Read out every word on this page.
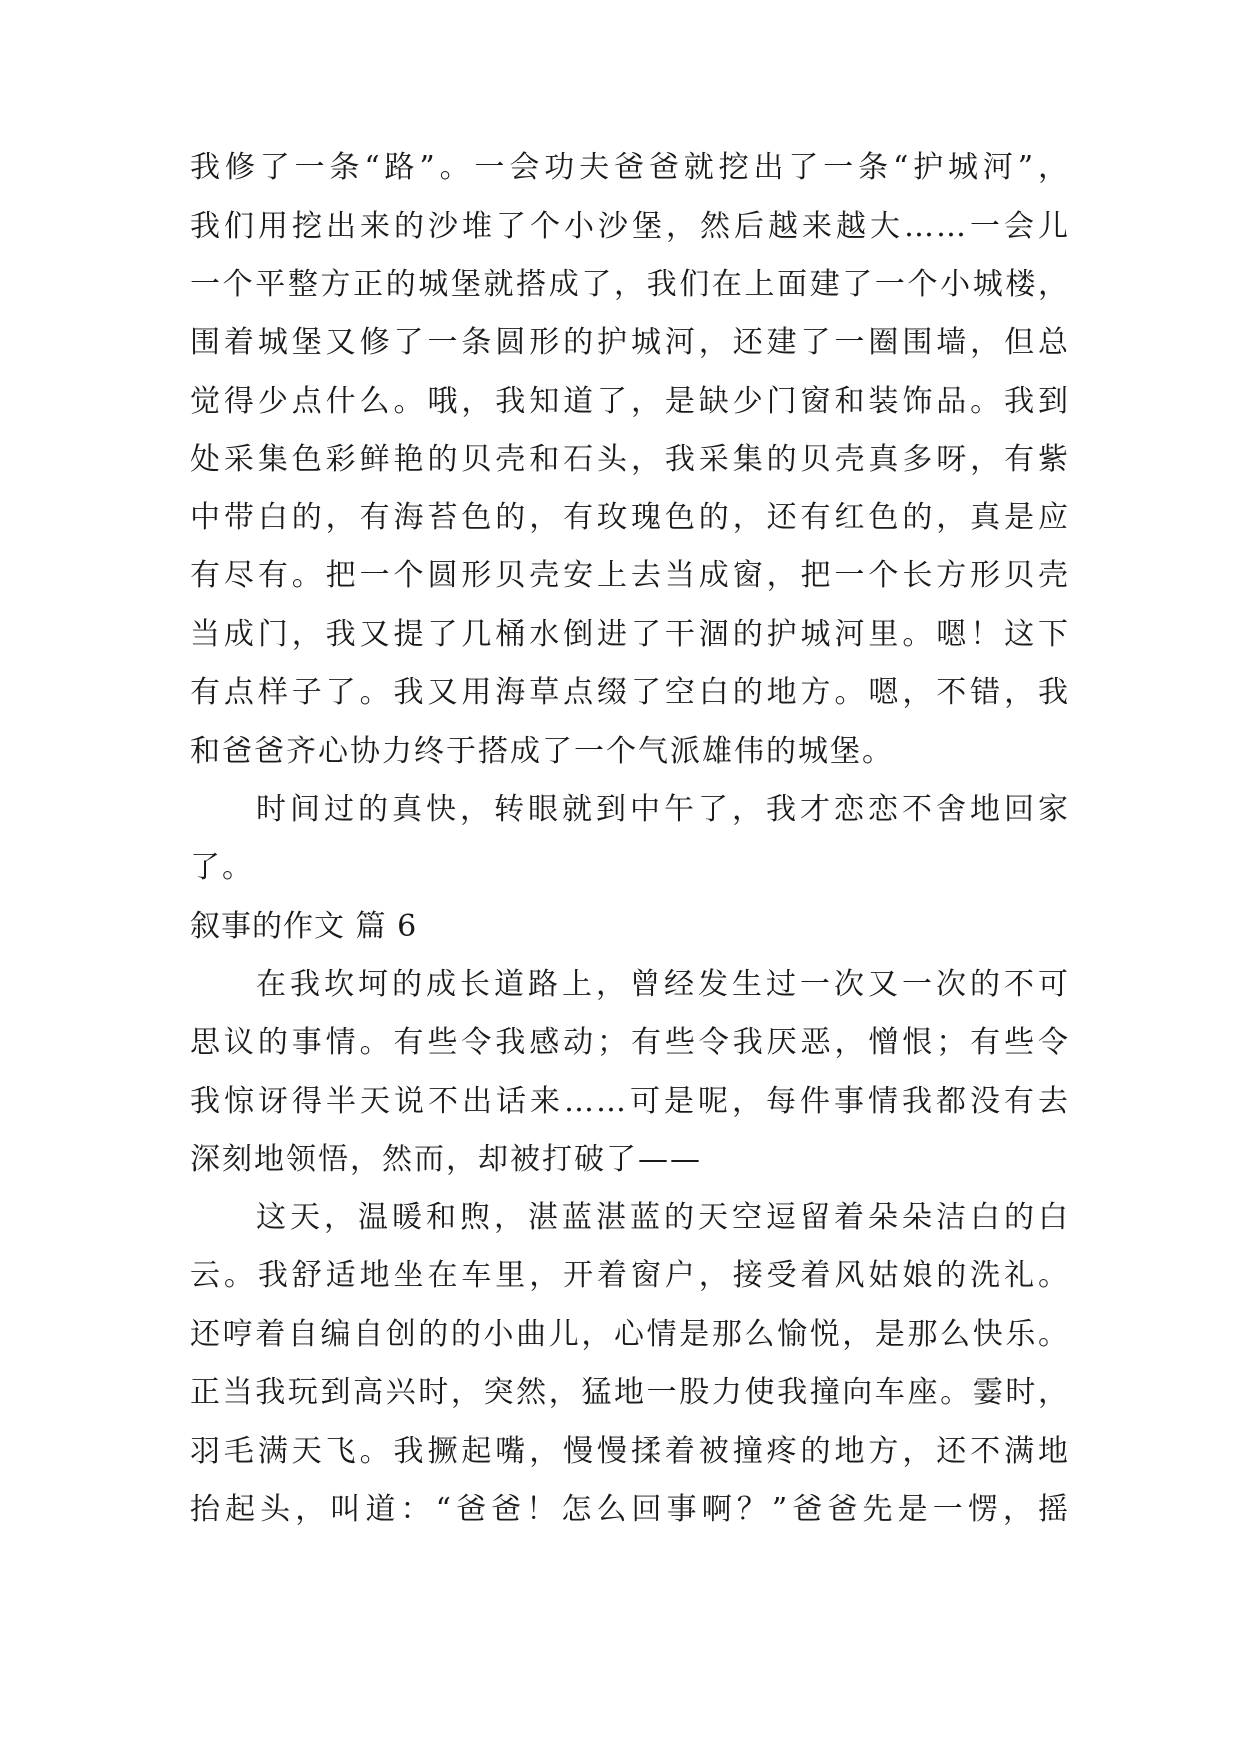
我修了一条“路”。一会功夫爸爸就挖出了一条“护城河”，
我们用挖出来的沙堆了个小沙堡，然后越来越大……一会儿
一个平整方正的城堡就搭成了，我们在上面建了一个小城楼，
围着城堡又修了一条圆形的护城河，还建了一圈围墙，但总
觉得少点什么。哦，我知道了，是缺少门窗和装饰品。我到
处采集色彩鲜艳的贝壳和石头，我采集的贝壳真多呀，有紫
中带白的，有海苔色的，有玫瑰色的，还有红色的，真是应
有尽有。把一个圆形贝壳安上去当成窗，把一个长方形贝壳
当成门，我又提了几桶水倒进了干涸的护城河里。嗯！这下
有点样子了。我又用海草点缀了空白的地方。嗯，不错，我
和爸爸齐心协力终于搭成了一个气派雄伟的城堡。
时间过的真快，转眼就到中午了，我才恋恋不舍地回家
了。
叙事的作文 篇 6
在我坎坷的成长道路上，曾经发生过一次又一次的不可
思议的事情。有些令我感动；有些令我厌恶，憎恨；有些令
我惊讶得半天说不出话来……可是呢，每件事情我都没有去
深刻地领悟，然而，却被打破了——
这天，温暖和煦，湛蓝湛蓝的天空逗留着朵朵洁白的白
云。我舒适地坐在车里，开着窗户，接受着风姑娘的洗礼。
还哼着自编自创的的小曲儿，心情是那么愉悦，是那么快乐。
正当我玩到高兴时，突然，猛地一股力使我撞向车座。霎时，
羽毛满天飞。我撅起嘴，慢慢揉着被撞疼的地方，还不满地
抬起头，叫道：“爸爸！怎么回事啊？”爸爸先是一愣，摇
